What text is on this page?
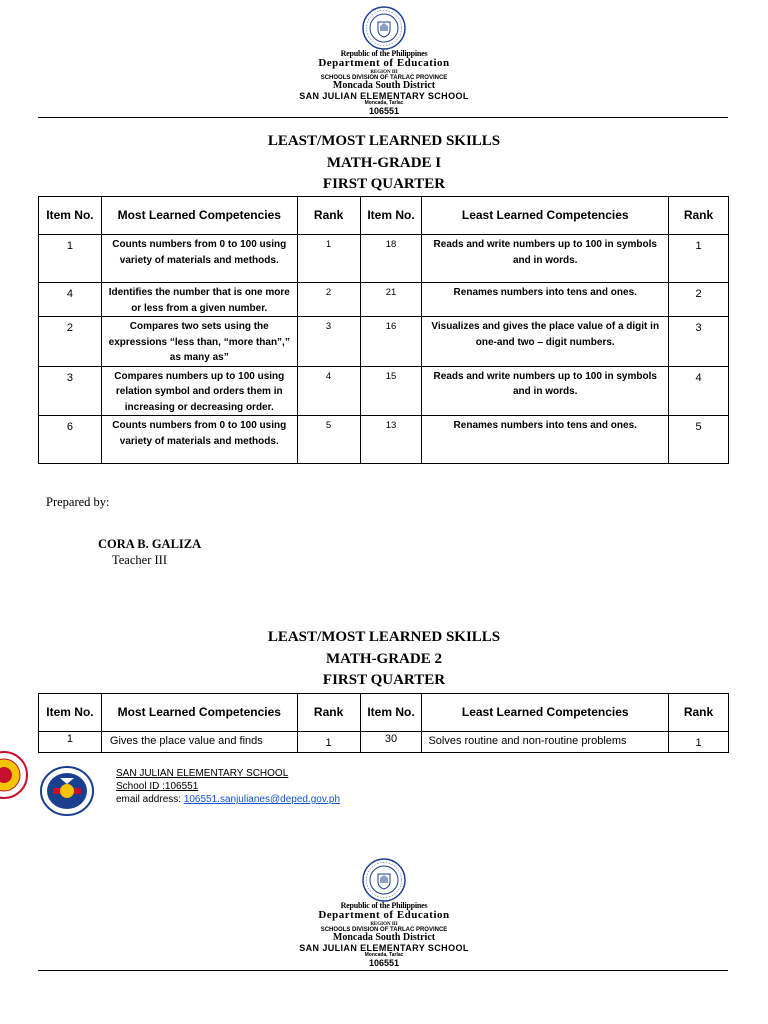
Republic of the Philippines
Department of Education
REGION III
SCHOOLS DIVISION OF TARLAC PROVINCE
Moncada South District
SAN JULIAN ELEMENTARY SCHOOL
Moncada, Tarlac
106551
LEAST/MOST LEARNED SKILLS
MATH-GRADE I
FIRST QUARTER
Item No.	Most Learned Competencies	Rank	Item No.	Least Learned Competencies	Rank
1	Counts numbers from 0 to 100 using variety of materials and methods.	1	18	Reads and write numbers up to 100 in symbols and in words.	1
4	Identifies the number that is one more or less from a given number.	2	21	Renames numbers into tens and ones.	2
2	Compares two sets using the expressions “less than, “more than”,” as many as”	3	16	Visualizes and gives the place value of a digit in one-and two – digit numbers.	3
3	Compares numbers up to 100 using relation symbol and orders them in increasing or decreasing order.	4	15	Reads and write numbers up to 100 in symbols and in words.	4
6	Counts numbers from 0 to 100 using variety of materials and methods.	5	13	Renames numbers into tens and ones.	5
Prepared by:
CORA B. GALIZA
Teacher III
LEAST/MOST LEARNED SKILLS
MATH-GRADE 2
FIRST QUARTER
Item No.	Most Learned Competencies	Rank	Item No.	Least Learned Competencies	Rank
1	Gives the place value and finds	1	30	Solves routine and non-routine problems	1
SAN JULIAN ELEMENTARY SCHOOL
School ID :106551
email address: 106551.sanjulianes@deped.gov.ph
Republic of the Philippines
Department of Education
REGION III
SCHOOLS DIVISION OF TARLAC PROVINCE
Moncada South District
SAN JULIAN ELEMENTARY SCHOOL
Moncada, Tarlac
106551
